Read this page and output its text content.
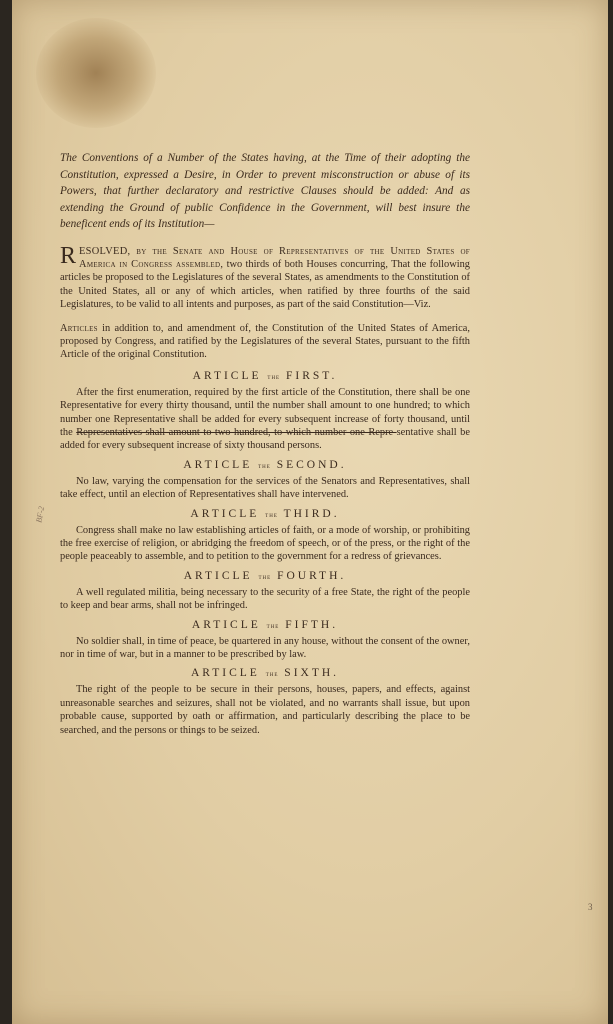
The Conventions of a Number of the States having, at the Time of their adopting the Constitution, expressed a Desire, in Order to prevent misconstruction or abuse of its Powers, that further declaratory and restrictive Clauses should be added: And as extending the Ground of public Confidence in the Government, will best insure the beneficent ends of its Institution—

RESOLVED, by the Senate and House of Representatives of the United States of America in Congress assembled, two thirds of both Houses concurring, That the following articles be proposed to the Legislatures of the several States, as amendments to the Constitution of the United States, all or any of which articles, when ratified by three fourths of the said Legislatures, to be valid to all intents and purposes, as part of the said Constitution—Viz.

Articles in addition to, and amendment of, the Constitution of the United States of America, proposed by Congress, and ratified by the Legislatures of the several States, pursuant to the fifth Article of the original Constitution.

ARTICLE the FIRST.

After the first enumeration, required by the first article of the Constitution, there shall be one Representative for every thirty thousand, until the number shall amount to one hundred; to which number one Representative shall be added for every subsequent increase of forty thousand, until the Representatives shall amount to two hundred, to which number one Repre-sentative shall be added for every subsequent increase of sixty thousand persons.

ARTICLE the SECOND.

No law, varying the compensation for the services of the Senators and Representatives, shall take effect, until an election of Representatives shall have intervened.

ARTICLE the THIRD.

Congress shall make no law establishing articles of faith, or a mode of worship, or prohibiting the free exercise of religion, or abridging the freedom of speech, or of the press, or the right of the people peaceably to assemble, and to petition to the government for a redress of grievances.

ARTICLE the FOURTH.

A well regulated militia, being necessary to the security of a free State, the right of the people to keep and bear arms, shall not be infringed.

ARTICLE the FIFTH.

No soldier shall, in time of peace, be quartered in any house, without the consent of the owner, nor in time of war, but in a manner to be prescribed by law.

ARTICLE the SIXTH.

The right of the people to be secure in their persons, houses, papers, and effects, against unreasonable searches and seizures, shall not be violated, and no warrants shall issue, but upon probable cause, supported by oath or affirmation, and particularly describing the place to be searched, and the persons or things to be seized.

BF-2
3
